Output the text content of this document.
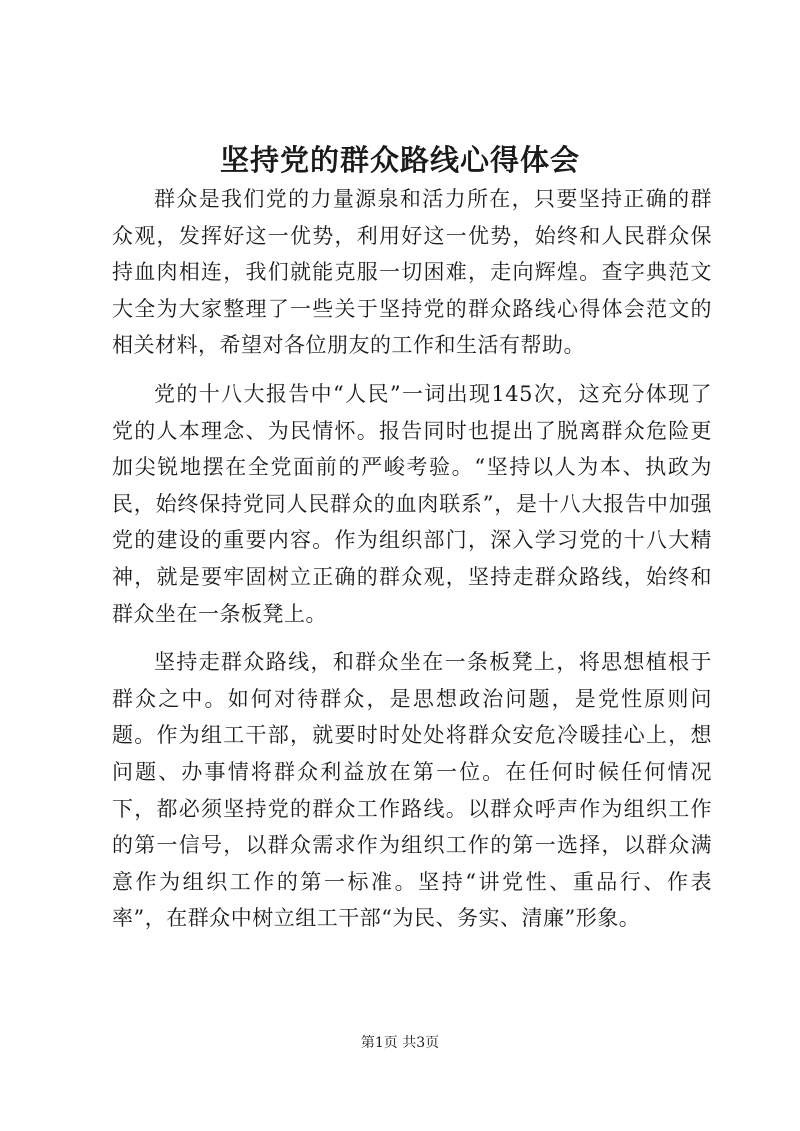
坚持党的群众路线心得体会

群众是我们党的力量源泉和活力所在，只要坚持正确的群众观，发挥好这一优势，利用好这一优势，始终和人民群众保持血肉相连，我们就能克服一切困难，走向辉煌。查字典范文大全为大家整理了一些关于坚持党的群众路线心得体会范文的相关材料，希望对各位朋友的工作和生活有帮助。

党的十八大报告中“人民”一词出现145次，这充分体现了党的人本理念、为民情怀。报告同时也提出了脱离群众危险更加尖锐地摆在全党面前的严峻考验。“坚持以人为本、执政为民，始终保持党同人民群众的血肉联系”，是十八大报告中加强党的建设的重要内容。作为组织部门，深入学习党的十八大精神，就是要牢固树立正确的群众观，坚持走群众路线，始终和群众坐在一条板凳上。

坚持走群众路线，和群众坐在一条板凳上，将思想植根于群众之中。如何对待群众，是思想政治问题，是党性原则问题。作为组工干部，就要时时处处将群众安危冷暖挂心上，想问题、办事情将群众利益放在第一位。在任何时候任何情况下，都必须坚持党的群众工作路线。以群众呼声作为组织工作的第一信号，以群众需求作为组织工作的第一选择，以群众满意作为组织工作的第一标准。坚持“讲党性、重品行、作表率”，在群众中树立组工干部“为民、务实、清廉”形象。

第1页 共3页
